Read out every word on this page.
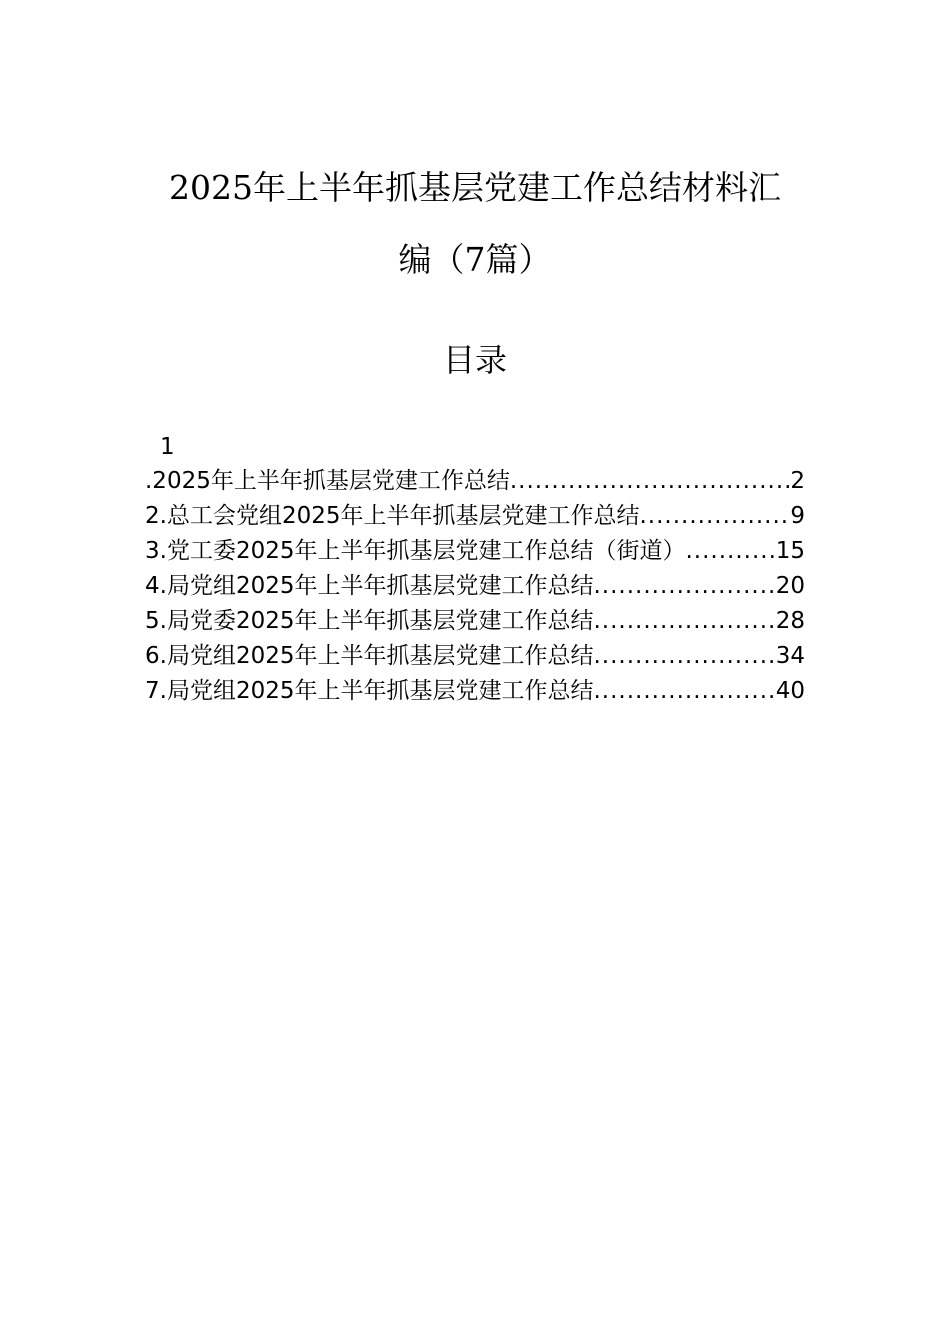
2025年上半年抓基层党建工作总结材料汇
编（7篇）
目录
1
.2025年上半年抓基层党建工作总结 .....	2
2.总工会党组2025年上半年抓基层党建工作总结 .....	9
3.党工委2025年上半年抓基层党建工作总结（街道） .....	15
4.局党组2025年上半年抓基层党建工作总结 .....	20
5.局党委2025年上半年抓基层党建工作总结 .....	28
6.局党组2025年上半年抓基层党建工作总结 .....	34
7.局党组2025年上半年抓基层党建工作总结 .....	40
